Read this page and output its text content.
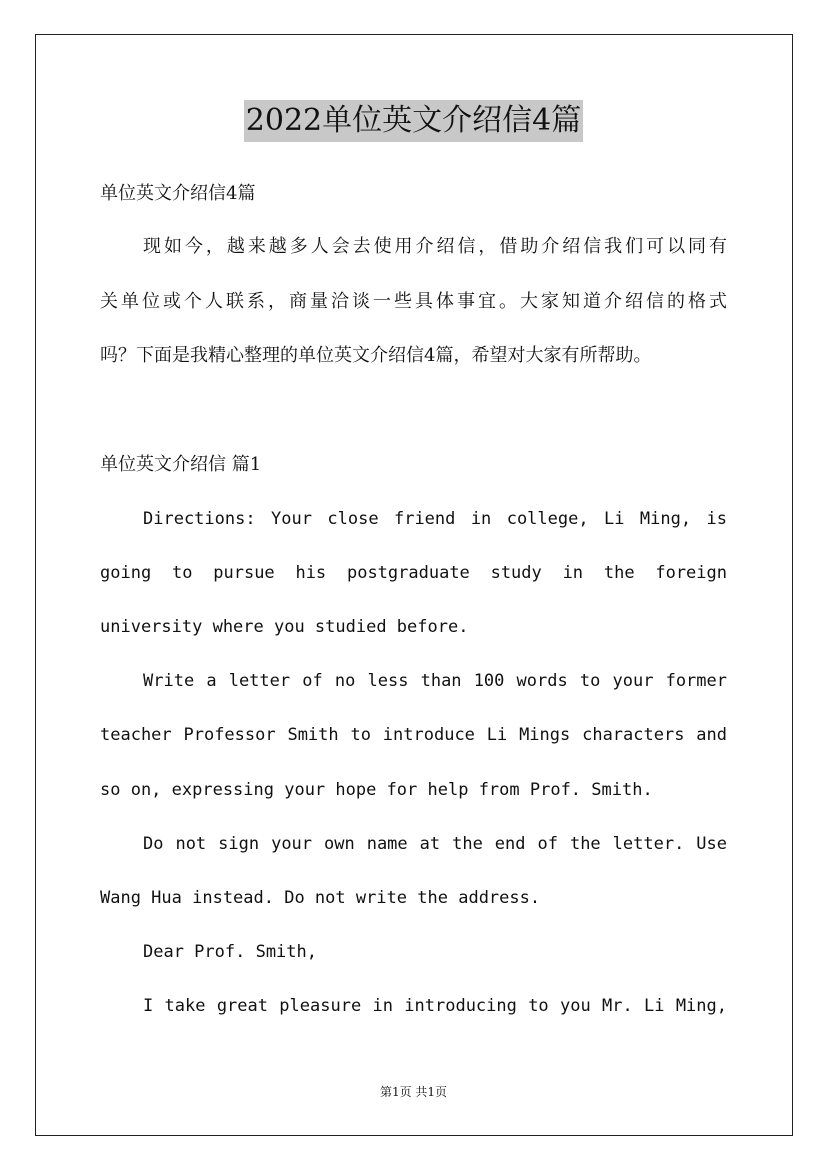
2022单位英文介绍信4篇
单位英文介绍信4篇
现如今，越来越多人会去使用介绍信，借助介绍信我们可以同有
关单位或个人联系，商量洽谈一些具体事宜。大家知道介绍信的格式
吗？下面是我精心整理的单位英文介绍信4篇，希望对大家有所帮助。
单位英文介绍信 篇1
Directions: Your close friend in college, Li Ming, is
going to pursue his postgraduate study in the foreign
university where you studied before.
Write a letter of no less than 100 words to your former
teacher Professor Smith to introduce Li Mings characters and
so on, expressing your hope for help from Prof. Smith.
Do not sign your own name at the end of the letter. Use
Wang Hua instead. Do not write the address.
Dear Prof. Smith,
I take great pleasure in introducing to you Mr. Li Ming,
第1页 共1页
